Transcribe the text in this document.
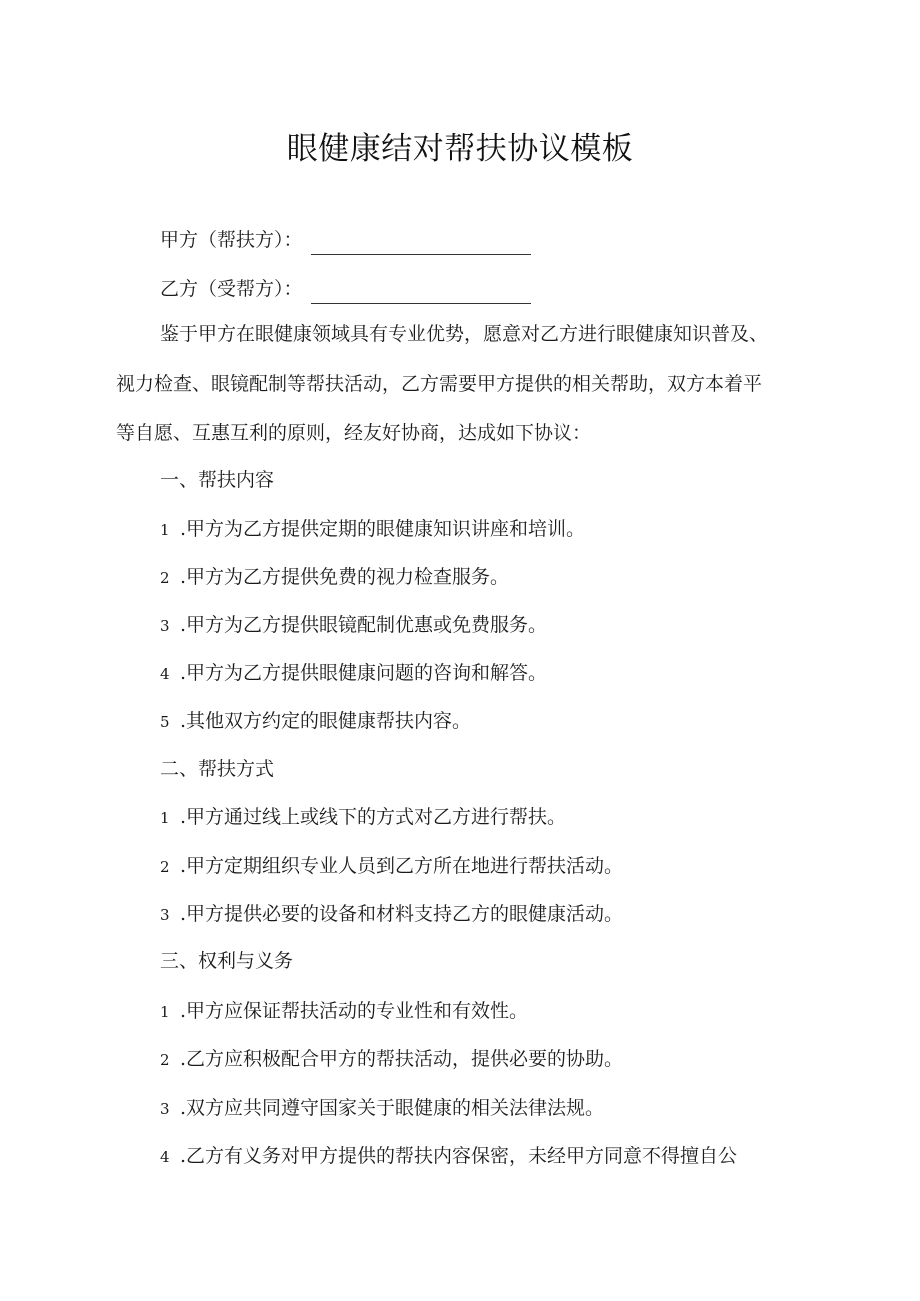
眼健康结对帮扶协议模板
甲方（帮扶方）：
乙方（受帮方）：
鉴于甲方在眼健康领域具有专业优势，愿意对乙方进行眼健康知识普及、
视力检查、眼镜配制等帮扶活动，乙方需要甲方提供的相关帮助，双方本着平
等自愿、互惠互利的原则，经友好协商，达成如下协议：
一、帮扶内容
1 .甲方为乙方提供定期的眼健康知识讲座和培训。
2 .甲方为乙方提供免费的视力检查服务。
3 .甲方为乙方提供眼镜配制优惠或免费服务。
4 .甲方为乙方提供眼健康问题的咨询和解答。
5 .其他双方约定的眼健康帮扶内容。
二、帮扶方式
1 .甲方通过线上或线下的方式对乙方进行帮扶。
2 .甲方定期组织专业人员到乙方所在地进行帮扶活动。
3 .甲方提供必要的设备和材料支持乙方的眼健康活动。
三、权利与义务
1 .甲方应保证帮扶活动的专业性和有效性。
2 .乙方应积极配合甲方的帮扶活动，提供必要的协助。
3 .双方应共同遵守国家关于眼健康的相关法律法规。
4 .乙方有义务对甲方提供的帮扶内容保密，未经甲方同意不得擅自公
